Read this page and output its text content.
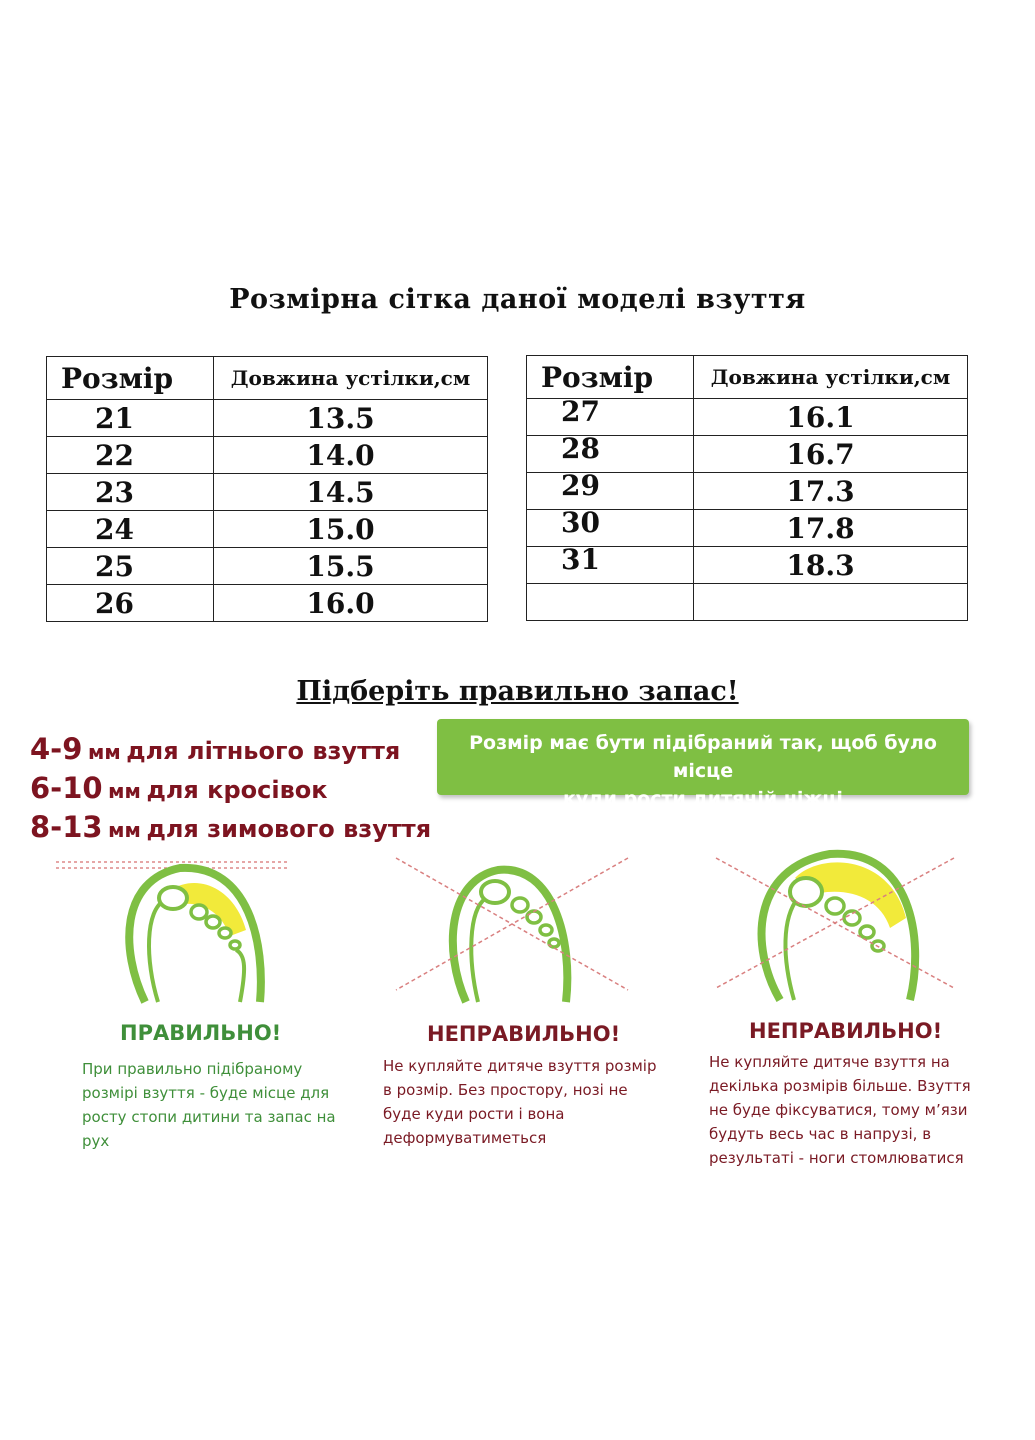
Розмірна сітка даної моделі взуття
Розмір	Довжина устілки,см
21	13.5
22	14.0
23	14.5
24	15.0
25	15.5
26	16.0
Розмір	Довжина устілки,см
27	16.1
28	16.7
29	17.3
30	17.8
31	18.3

Підберіть правильно запас!
4-9 мм для літнього взуття
6-10 мм для кросівок
8-13 мм для зимового взуття
Розмір має бути підібраний так, щоб було місце
куди рости дитячій ніжці
ПРАВИЛЬНО!
При правильно підібраному
розмірі взуття - буде місце для
росту стопи дитини та запас на
рух
НЕПРАВИЛЬНО!
Не купляйте дитяче взуття розмір
в розмір. Без простору, нозі не
буде куди рости і вона
деформуватиметься
НЕПРАВИЛЬНО!
Не купляйте дитяче взуття на
декілька розмірів більше. Взуття
не буде фіксуватися, тому м’язи
будуть весь час в напрузі, в
результаті - ноги стомлюватися
